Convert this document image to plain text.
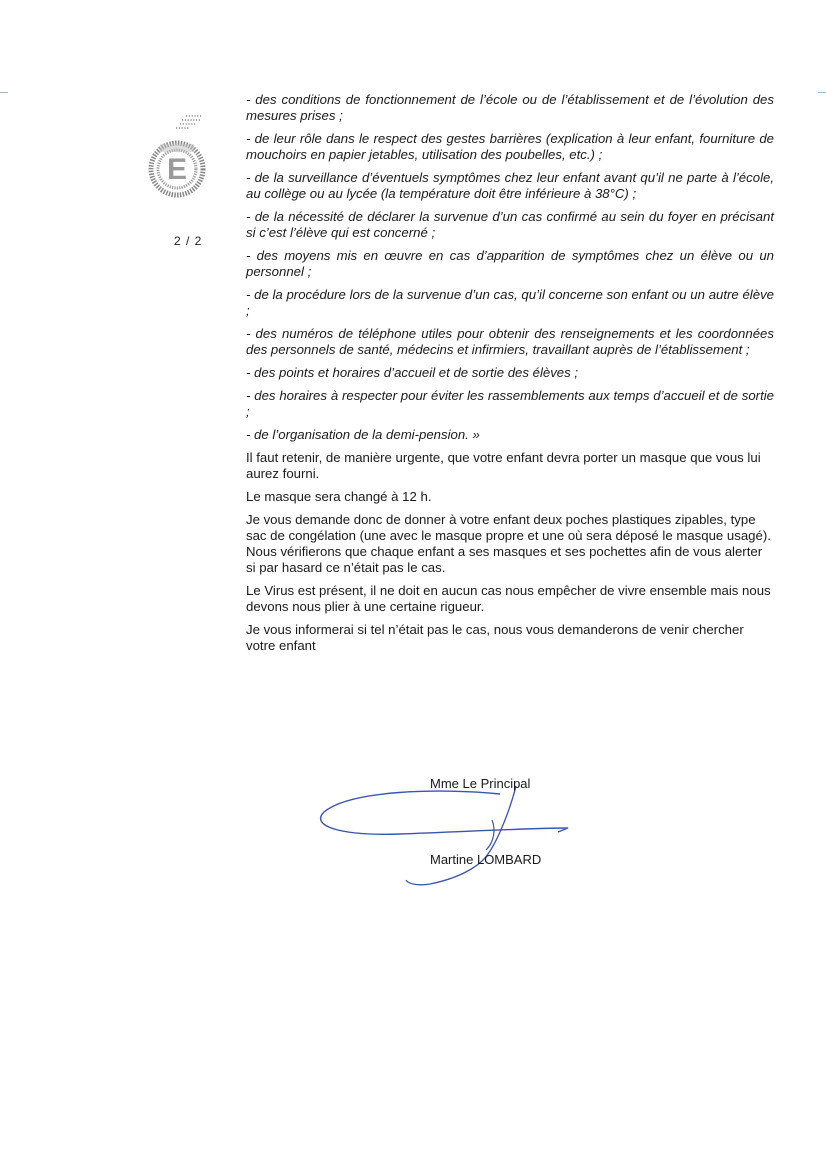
E
2 / 2

- des conditions de fonctionnement de l’école ou de l’établissement et de l’évolution des mesures prises ;

- de leur rôle dans le respect des gestes barrières (explication à leur enfant, fourniture de mouchoirs en papier jetables, utilisation des poubelles, etc.) ;

- de la surveillance d’éventuels symptômes chez leur enfant avant qu’il ne parte à l’école, au collège ou au lycée (la température doit être inférieure à 38°C) ;

- de la nécessité de déclarer la survenue d’un cas confirmé au sein du foyer en précisant si c’est l’élève qui est concerné ;

- des moyens mis en œuvre en cas d’apparition de symptômes chez un élève ou un personnel ;

- de la procédure lors de la survenue d’un cas, qu’il concerne son enfant ou un autre élève ;

- des numéros de téléphone utiles pour obtenir des renseignements et les coordonnées des personnels de santé, médecins et infirmiers, travaillant auprès de l’établissement ;

- des points et horaires d’accueil et de sortie des élèves ;

- des horaires à respecter pour éviter les rassemblements aux temps d’accueil et de sortie ;

- de l’organisation de la demi-pension. »

Il faut retenir, de manière urgente, que votre enfant devra porter un masque que vous lui aurez fourni.

Le masque sera changé à 12 h.

Je vous demande donc de donner à votre enfant deux poches plastiques zipables, type sac de congélation (une avec le masque propre et une où sera déposé le masque usagé). Nous vérifierons que chaque enfant a ses masques et ses pochettes afin de vous alerter si par hasard ce n’était pas le cas.

Le Virus est présent, il ne doit en aucun cas nous empêcher de vivre ensemble mais nous devons nous plier à une certaine rigueur.

Je vous informerai si tel n’était pas le cas, nous vous demanderons de venir chercher votre enfant

Mme Le Principal
Martine LOMBARD
